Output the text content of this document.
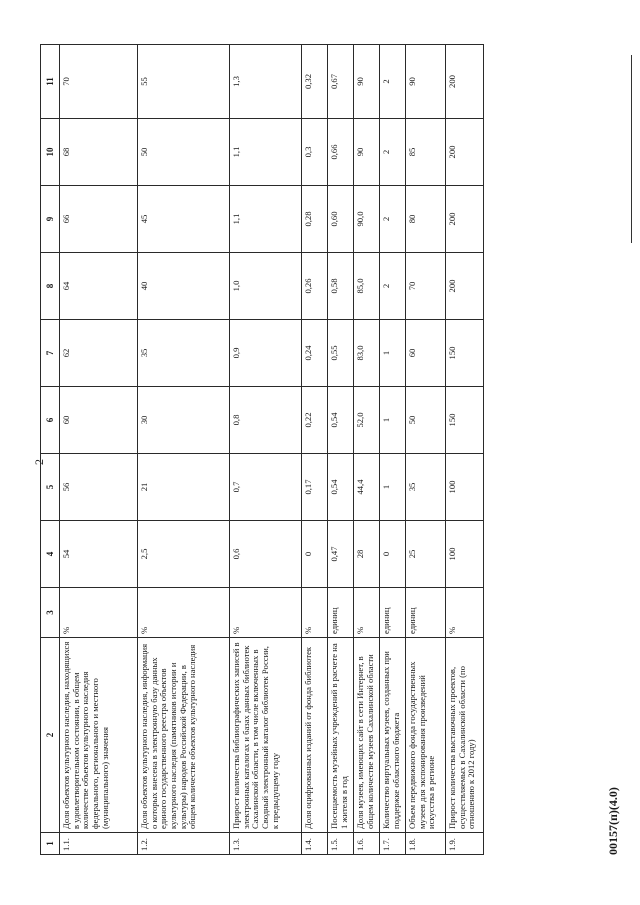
2
1	2	3	4	5	6	7	8	9	10	11
1.1.	Доля объектов культурного наследия, находящихся в удовлетворительном состоянии, в общем количестве объектов культурного наследия федерального, регионального и местного (муниципального) значения	%	54	56	60	62	64	66	68	70
1.2.	Доля объектов культурного наследия, информация о которых внесена в электронную базу данных единого государственного реестра объектов культурного наследия (памятников истории и культуры) народов Российской Федерации, в общем количестве объектов культурного наследия	%	2,5	21	30	35	40	45	50	55
1.3.	Прирост количества библиографических записей в электронных каталогах и базах данных библиотек Сахалинской области, в том числе включенных в Сводный электронный каталог библиотек России, к предыдущему году	%	0,6	0,7	0,8	0,9	1,0	1,1	1,1	1,3
1.4.	Доля оцифрованных изданий от фонда библиотек	%	0	0,17	0,22	0,24	0,26	0,28	0,3	0,32
1.5.	Посещаемость музейных учреждений в расчете на 1 жителя в год	единиц	0,47	0,54	0,54	0,55	0,58	0,60	0,66	0,67
1.6.	Доля музеев, имеющих сайт в сети Интернет, в общем количестве музеев Сахалинской области	%	28	44,4	52,0	83,0	85,0	90,0	90	90
1.7.	Количество виртуальных музеев, созданных при поддержке областного бюджета	единиц	0	1	1	1	2	2	2	2
1.8.	Объем передвижного фонда государственных музеев для экспонирования произведений искусства в регионе	единиц	25	35	50	60	70	80	85	90
1.9.	Прирост количества выставочных проектов, осуществляемых в Сахалинской области (по отношению к 2012 году)	%	100	100	150	150	200	200	200	200
00157(п)(4.0)
